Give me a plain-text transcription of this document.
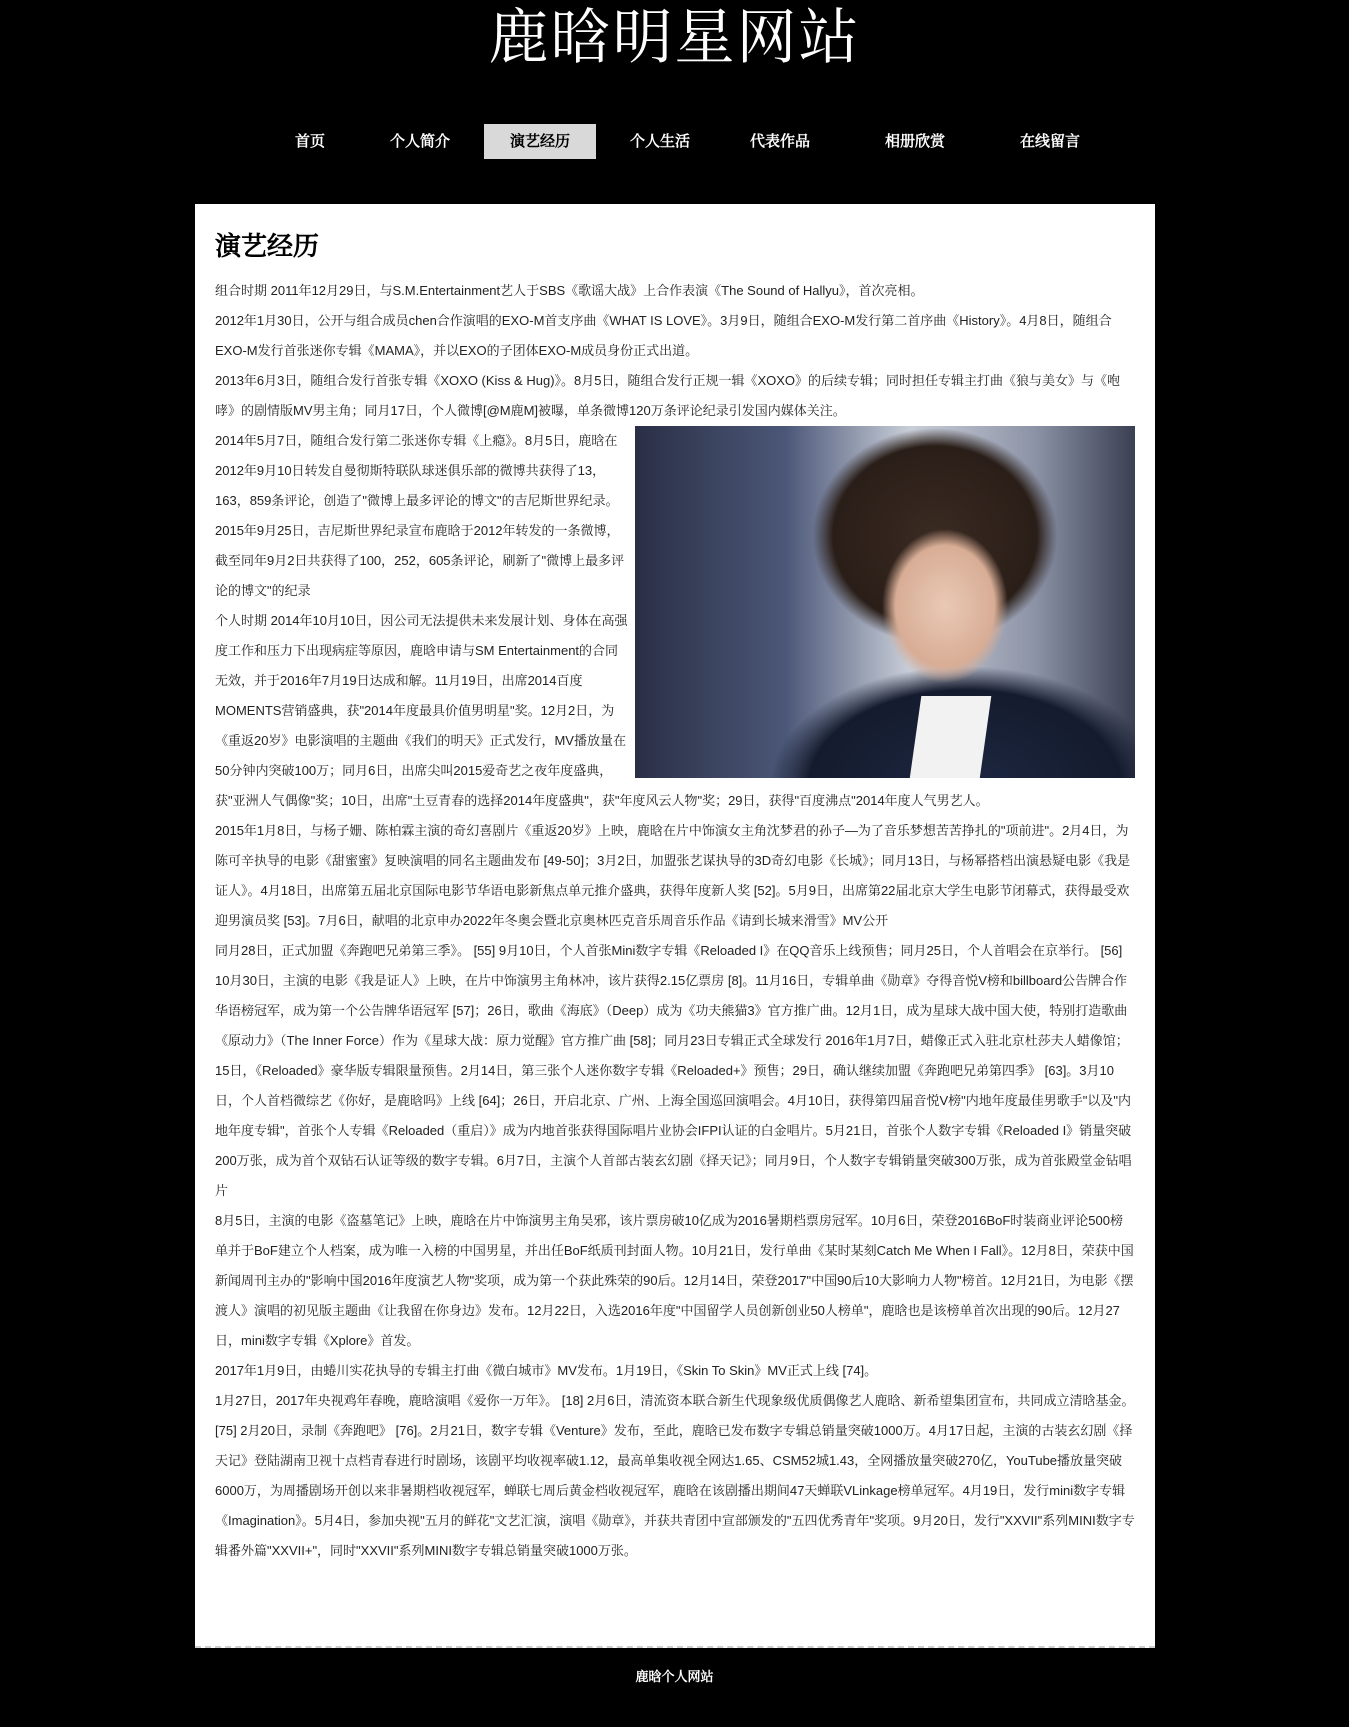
鹿晗明星网站
首页	个人简介	演艺经历	个人生活	代表作品	相册欣赏	在线留言
演艺经历

组合时期 2011年12月29日，与S.M.Entertainment艺人于SBS《歌谣大战》上合作表演《The Sound of Hallyu》，首次亮相。

2012年1月30日，公开与组合成员chen合作演唱的EXO-M首支序曲《WHAT IS LOVE》。3月9日，随组合EXO-M发行第二首序曲《History》。4月8日，随组合EXO-M发行首张迷你专辑《MAMA》，并以EXO的子团体EXO-M成员身份正式出道。

2013年6月3日，随组合发行首张专辑《XOXO (Kiss & Hug)》。8月5日，随组合发行正规一辑《XOXO》的后续专辑；同时担任专辑主打曲《狼与美女》与《咆哮》的剧情版MV男主角；同月17日，个人微博[@M鹿M]被曝，单条微博120万条评论纪录引发国内媒体关注。

2014年5月7日，随组合发行第二张迷你专辑《上瘾》。8月5日，鹿晗在2012年9月10日转发自曼彻斯特联队球迷俱乐部的微博共获得了13，163，859条评论，创造了"微博上最多评论的博文"的吉尼斯世界纪录。 2015年9月25日，吉尼斯世界纪录宣布鹿晗于2012年转发的一条微博，截至同年9月2日共获得了100，252，605条评论，刷新了"微博上最多评论的博文"的纪录

个人时期 2014年10月10日，因公司无法提供未来发展计划、身体在高强度工作和压力下出现病症等原因，鹿晗申请与SM Entertainment的合同无效，并于2016年7月19日达成和解。11月19日，出席2014百度MOMENTS营销盛典，获"2014年度最具价值男明星"奖。12月2日，为《重返20岁》电影演唱的主题曲《我们的明天》正式发行，MV播放量在50分钟内突破100万；同月6日，出席尖叫2015爱奇艺之夜年度盛典，获"亚洲人气偶像"奖；10日，出席"土豆青春的选择2014年度盛典"，获"年度风云人物"奖；29日，获得"百度沸点"2014年度人气男艺人。

2015年1月8日，与杨子姗、陈柏霖主演的奇幻喜剧片《重返20岁》上映，鹿晗在片中饰演女主角沈梦君的孙子—为了音乐梦想苦苦挣扎的"项前进"。2月4日，为陈可辛执导的电影《甜蜜蜜》复映演唱的同名主题曲发布 [49-50]；3月2日，加盟张艺谋执导的3D奇幻电影《长城》；同月13日，与杨幂搭档出演悬疑电影《我是证人》。4月18日，出席第五届北京国际电影节华语电影新焦点单元推介盛典，获得年度新人奖 [52]。5月9日，出席第22届北京大学生电影节闭幕式，获得最受欢迎男演员奖 [53]。7月6日，献唱的北京申办2022年冬奥会暨北京奥林匹克音乐周音乐作品《请到长城来滑雪》MV公开

同月28日，正式加盟《奔跑吧兄弟第三季》。 [55] 9月10日，个人首张Mini数字专辑《Reloaded I》在QQ音乐上线预售；同月25日，个人首唱会在京举行。 [56] 10月30日，主演的电影《我是证人》上映，在片中饰演男主角林冲，该片获得2.15亿票房 [8]。11月16日，专辑单曲《勋章》夺得音悦V榜和billboard公告牌合作华语榜冠军，成为第一个公告牌华语冠军 [57]；26日，歌曲《海底》（Deep）成为《功夫熊猫3》官方推广曲。12月1日，成为星球大战中国大使，特别打造歌曲《原动力》（The Inner Force）作为《星球大战：原力觉醒》官方推广曲 [58]；同月23日专辑正式全球发行 2016年1月7日，蜡像正式入驻北京杜莎夫人蜡像馆；15日，《Reloaded》豪华版专辑限量预售。2月14日，第三张个人迷你数字专辑《Reloaded+》预售；29日，确认继续加盟《奔跑吧兄弟第四季》 [63]。3月10日，个人首档微综艺《你好，是鹿晗吗》上线 [64]；26日，开启北京、广州、上海全国巡回演唱会。4月10日，获得第四届音悦V榜"内地年度最佳男歌手"以及"内地年度专辑"，首张个人专辑《Reloaded（重启）》成为内地首张获得国际唱片业协会IFPI认证的白金唱片。5月21日，首张个人数字专辑《Reloaded I》销量突破200万张，成为首个双钻石认证等级的数字专辑。6月7日，主演个人首部古装玄幻剧《择天记》；同月9日，个人数字专辑销量突破300万张，成为首张殿堂金钻唱片

8月5日，主演的电影《盗墓笔记》上映，鹿晗在片中饰演男主角吴邪，该片票房破10亿成为2016暑期档票房冠军。10月6日，荣登2016BoF时装商业评论500榜单并于BoF建立个人档案，成为唯一入榜的中国男星，并出任BoF纸质刊封面人物。10月21日，发行单曲《某时某刻Catch Me When I Fall》。12月8日，荣获中国新闻周刊主办的"影响中国2016年度演艺人物"奖项，成为第一个获此殊荣的90后。12月14日，荣登2017"中国90后10大影响力人物"榜首。12月21日，为电影《摆渡人》演唱的初见版主题曲《让我留在你身边》发布。12月22日，入选2016年度"中国留学人员创新创业50人榜单"，鹿晗也是该榜单首次出现的90后。12月27日，mini数字专辑《Xplore》首发。

2017年1月9日，由蜷川实花执导的专辑主打曲《微白城市》MV发布。1月19日，《Skin To Skin》MV正式上线 [74]。

1月27日，2017年央视鸡年春晚，鹿晗演唱《爱你一万年》。 [18] 2月6日，清流资本联合新生代现象级优质偶像艺人鹿晗、新希望集团宣布，共同成立清晗基金。 [75] 2月20日，录制《奔跑吧》 [76]。2月21日，数字专辑《Venture》发布，至此，鹿晗已发布数字专辑总销量突破1000万。4月17日起，主演的古装玄幻剧《择天记》登陆湖南卫视十点档青春进行时剧场，该剧平均收视率破1.12，最高单集收视全网达1.65、CSM52城1.43，全网播放量突破270亿，YouTube播放量突破6000万，为周播剧场开创以来非暑期档收视冠军，蝉联七周后黄金档收视冠军，鹿晗在该剧播出期间47天蝉联VLinkage榜单冠军。4月19日，发行mini数字专辑《Imagination》。5月4日，参加央视"五月的鲜花"文艺汇演，演唱《勋章》，并获共青团中宣部颁发的"五四优秀青年"奖项。9月20日，发行"XXVII"系列MINI数字专辑番外篇"XXVII+"，同时"XXVII"系列MINI数字专辑总销量突破1000万张。

鹿晗个人网站
